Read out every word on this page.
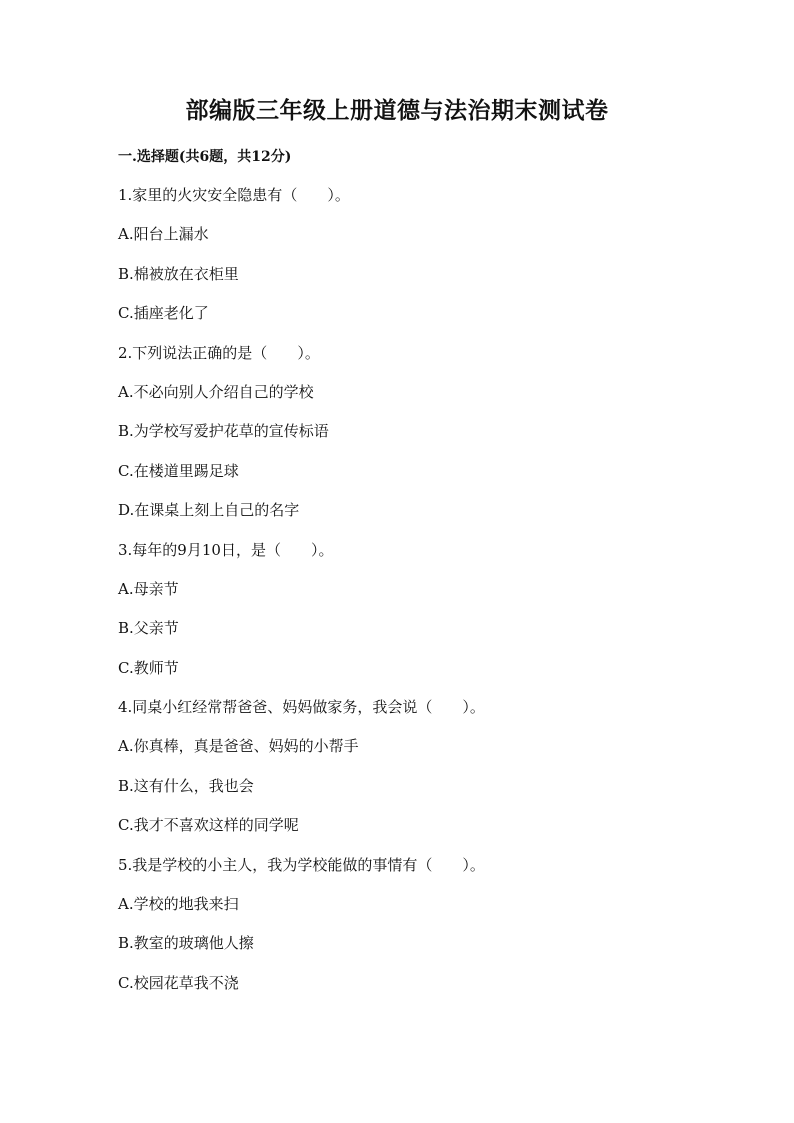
部编版三年级上册道德与法治期末测试卷
一.选择题(共6题，共12分)
1.家里的火灾安全隐患有（　　）。
A.阳台上漏水
B.棉被放在衣柜里
C.插座老化了
2.下列说法正确的是（　　）。
A.不必向别人介绍自己的学校
B.为学校写爱护花草的宣传标语
C.在楼道里踢足球
D.在课桌上刻上自己的名字
3.每年的9月10日，是（　　）。
A.母亲节
B.父亲节
C.教师节
4.同桌小红经常帮爸爸、妈妈做家务，我会说（　　）。
A.你真棒，真是爸爸、妈妈的小帮手
B.这有什么，我也会
C.我才不喜欢这样的同学呢
5.我是学校的小主人，我为学校能做的事情有（　　）。
A.学校的地我来扫
B.教室的玻璃他人擦
C.校园花草我不浇
